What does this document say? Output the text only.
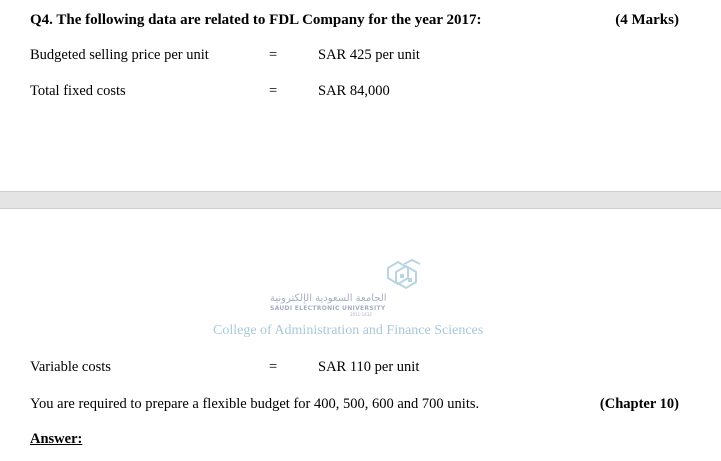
Q4. The following data are related to FDL Company for the year 2017:	(4 Marks)
Budgeted selling price per unit	=	SAR 425 per unit
Total fixed costs	=	SAR 84,000
الجامعة السعودية الإلكترونية
SAUDI ELECTRONIC UNIVERSITY
2011-1432
College of Administration and Finance Sciences
Variable costs	=	SAR 110 per unit
You are required to prepare a flexible budget for 400, 500, 600 and 700 units.	(Chapter 10)
Answer:
